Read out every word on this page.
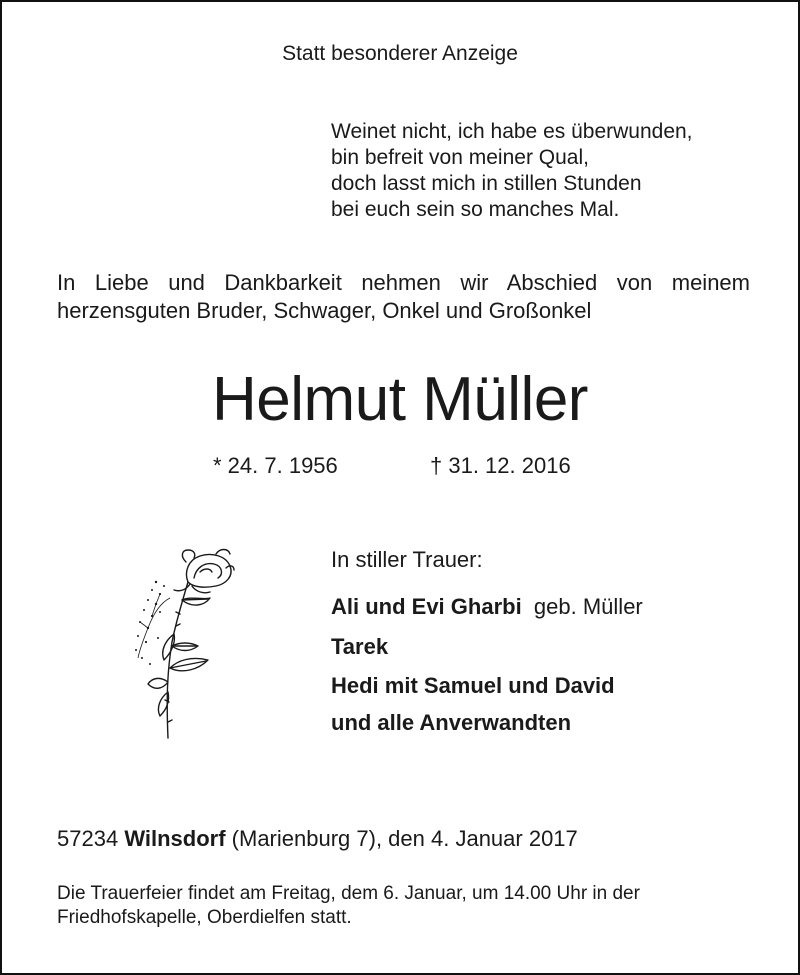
Statt besonderer Anzeige
Weinet nicht, ich habe es überwunden,
bin befreit von meiner Qual,
doch lasst mich in stillen Stunden
bei euch sein so manches Mal.
In Liebe und Dankbarkeit nehmen wir Abschied von meinem
herzensguten Bruder, Schwager, Onkel und Großonkel
Helmut Müller
* 24. 7. 1956	† 31. 12. 2016
In stiller Trauer:
Ali und Evi Gharbi geb. Müller
Tarek
Hedi mit Samuel und David
und alle Anverwandten
57234 Wilnsdorf (Marienburg 7), den 4. Januar 2017
Die Trauerfeier findet am Freitag, dem 6. Januar, um 14.00 Uhr in der
Friedhofskapelle, Oberdielfen statt.
